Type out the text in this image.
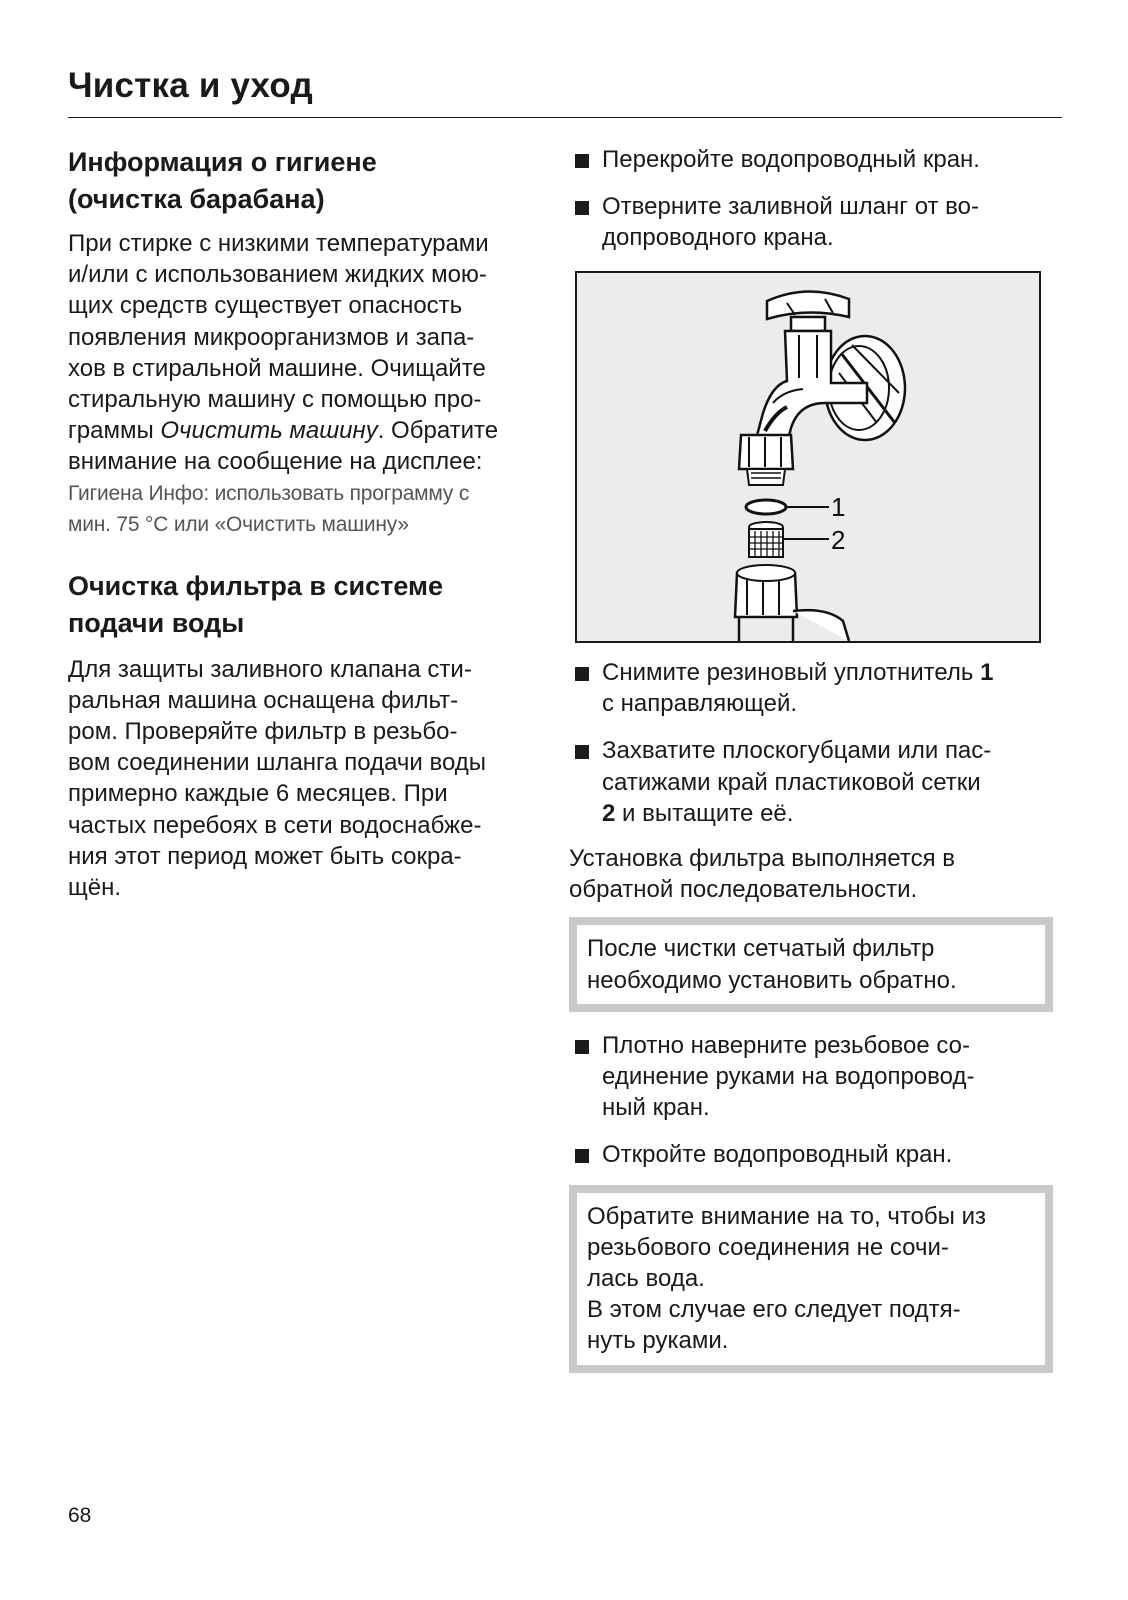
Чистка и уход
Информация о гигиене
(очистка барабана)
При стирке с низкими температурами
и/или с использованием жидких мою-
щих средств существует опасность
появления микроорганизмов и запа-
хов в стиральной машине. Очищайте
стиральную машину с помощью про-
граммы Очистить машину. Обратите
внимание на сообщение на дисплее:
Гигиена Инфо: использовать программу с
мин. 75 °C или «Очистить машину»
Очистка фильтра в системе
подачи воды
Для защиты заливного клапана сти-
ральная машина оснащена фильт-
ром. Проверяйте фильтр в резьбо-
вом соединении шланга подачи воды
примерно каждые 6 месяцев. При
частых перебоях в сети водоснабже-
ния этот период может быть сокра-
щён.
Перекройте водопроводный кран.
Отверните заливной шланг от во-
допроводного крана.
1
2
Снимите резиновый уплотнитель 1
с направляющей.
Захватите плоскогубцами или пас-
сатижами край пластиковой сетки
2 и вытащите её.
Установка фильтра выполняется в
обратной последовательности.
После чистки сетчатый фильтр
необходимо установить обратно.
Плотно наверните резьбовое со-
единение руками на водопровод-
ный кран.
Откройте водопроводный кран.
Обратите внимание на то, чтобы из
резьбового соединения не сочи-
лась вода.
В этом случае его следует подтя-
нуть руками.
68
